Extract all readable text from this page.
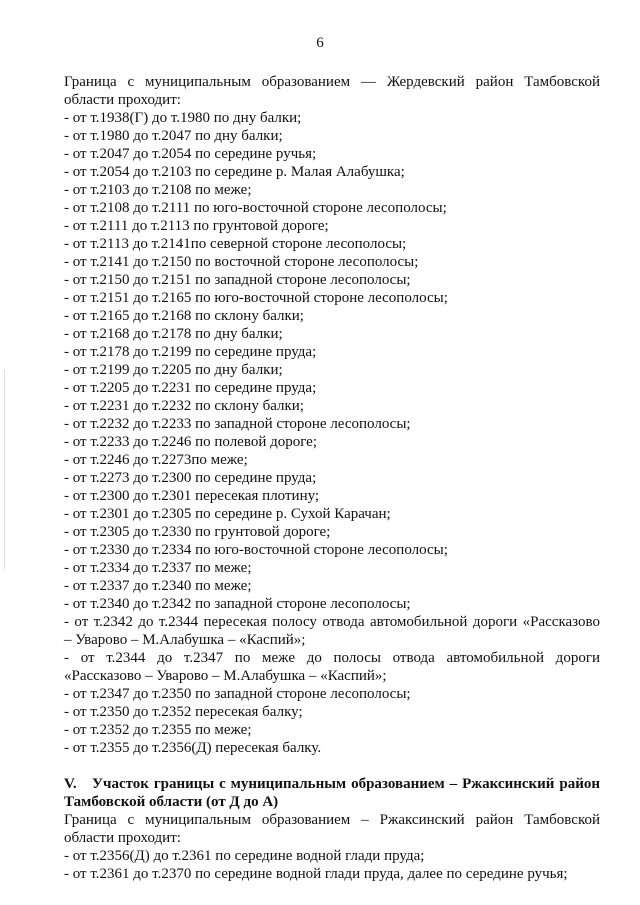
6
Граница с муниципальным образованием — Жердевский район Тамбовской
области проходит:
- от т.1938(Г) до т.1980 по дну балки;
- от т.1980 до т.2047 по дну балки;
- от т.2047 до т.2054 по середине ручья;
- от т.2054 до т.2103 по середине р. Малая Алабушка;
- от т.2103 до т.2108 по меже;
- от т.2108 до т.2111 по юго-восточной стороне лесополосы;
- от т.2111 до т.2113 по грунтовой дороге;
- от т.2113 до т.2141по северной стороне лесополосы;
- от т.2141 до т.2150 по восточной стороне лесополосы;
- от т.2150 до т.2151 по западной стороне лесополосы;
- от т.2151 до т.2165 по юго-восточной стороне лесополосы;
- от т.2165 до т.2168 по склону балки;
- от т.2168 до т.2178 по дну балки;
- от т.2178 до т.2199 по середине пруда;
- от т.2199 до т.2205 по дну балки;
- от т.2205 до т.2231 по середине пруда;
- от т.2231 до т.2232 по склону балки;
- от т.2232 до т.2233 по западной стороне лесополосы;
- от т.2233 до т.2246 по полевой дороге;
- от т.2246 до т.2273по меже;
- от т.2273 до т.2300 по середине пруда;
- от т.2300 до т.2301 пересекая плотину;
- от т.2301 до т.2305 по середине р. Сухой Карачан;
- от т.2305 до т.2330 по грунтовой дороге;
- от т.2330 до т.2334 по юго-восточной стороне лесополосы;
- от т.2334 до т.2337 по меже;
- от т.2337 до т.2340 по меже;
- от т.2340 до т.2342 по западной стороне лесополосы;
- от т.2342 до т.2344 пересекая полосу отвода автомобильной дороги «Рассказово
– Уварово – М.Алабушка – «Каспий»;
- от т.2344 до т.2347 по меже до полосы отвода автомобильной дороги
«Рассказово – Уварово – М.Алабушка – «Каспий»;
- от т.2347 до т.2350 по западной стороне лесополосы;
- от т.2350 до т.2352 пересекая балку;
- от т.2352 до т.2355 по меже;
- от т.2355 до т.2356(Д) пересекая балку.
V. Участок границы с муниципальным образованием – Ржаксинский район
Тамбовской области (от Д до А)
Граница с муниципальным образованием – Ржаксинский район Тамбовской
области проходит:
- от т.2356(Д) до т.2361 по середине водной глади пруда;
- от т.2361 до т.2370 по середине водной глади пруда, далее по середине ручья;
